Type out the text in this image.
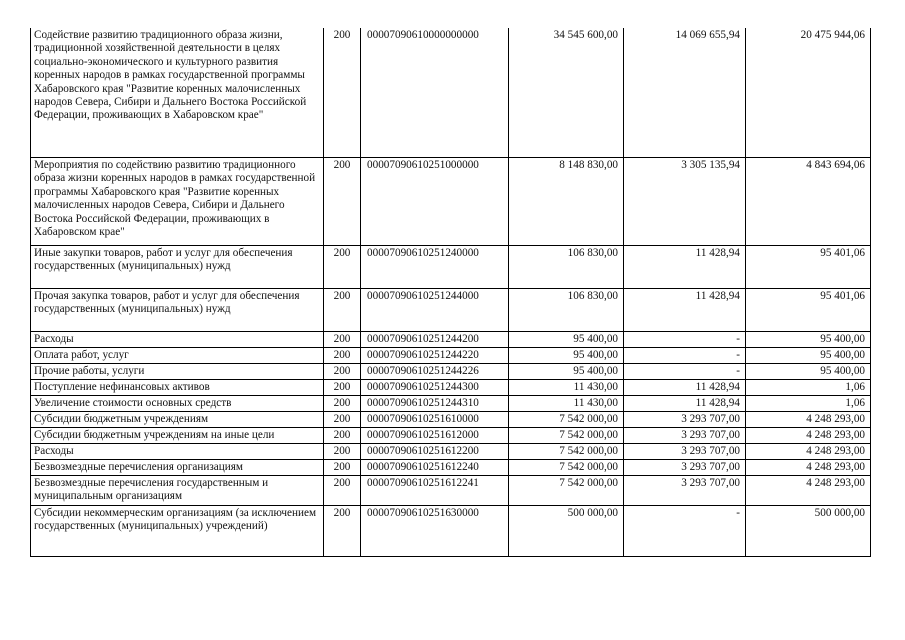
Содействие развитию традиционного образа жизни, традиционной хозяйственной деятельности в целях социально-экономического и культурного развития коренных народов в рамках государственной программы Хабаровского края "Развитие коренных малочисленных народов Севера, Сибири и Дальнего Востока Российской Федерации, проживающих в Хабаровском крае"	200	00007090610000000000	34 545 600,00	14 069 655,94	20 475 944,06
Мероприятия по содействию развитию традиционного образа жизни коренных народов в рамках государственной программы Хабаровского края "Развитие коренных малочисленных народов Севера, Сибири и Дальнего Востока Российской Федерации, проживающих в Хабаровском крае"	200	00007090610251000000	8 148 830,00	3 305 135,94	4 843 694,06
Иные закупки товаров, работ и услуг для обеспечения государственных (муниципальных) нужд	200	00007090610251240000	106 830,00	11 428,94	95 401,06
Прочая закупка товаров, работ и услуг для обеспечения государственных (муниципальных) нужд	200	00007090610251244000	106 830,00	11 428,94	95 401,06
Расходы	200	00007090610251244200	95 400,00	-	95 400,00
Оплата работ, услуг	200	00007090610251244220	95 400,00	-	95 400,00
Прочие работы, услуги	200	00007090610251244226	95 400,00	-	95 400,00
Поступление нефинансовых активов	200	00007090610251244300	11 430,00	11 428,94	1,06
Увеличение стоимости основных средств	200	00007090610251244310	11 430,00	11 428,94	1,06
Субсидии бюджетным учреждениям	200	00007090610251610000	7 542 000,00	3 293 707,00	4 248 293,00
Субсидии бюджетным учреждениям на иные цели	200	00007090610251612000	7 542 000,00	3 293 707,00	4 248 293,00
Расходы	200	00007090610251612200	7 542 000,00	3 293 707,00	4 248 293,00
Безвозмездные перечисления организациям	200	00007090610251612240	7 542 000,00	3 293 707,00	4 248 293,00
Безвозмездные перечисления государственным и муниципальным организациям	200	00007090610251612241	7 542 000,00	3 293 707,00	4 248 293,00
Субсидии некоммерческим организациям (за исключением государственных (муниципальных) учреждений)	200	00007090610251630000	500 000,00	-	500 000,00
